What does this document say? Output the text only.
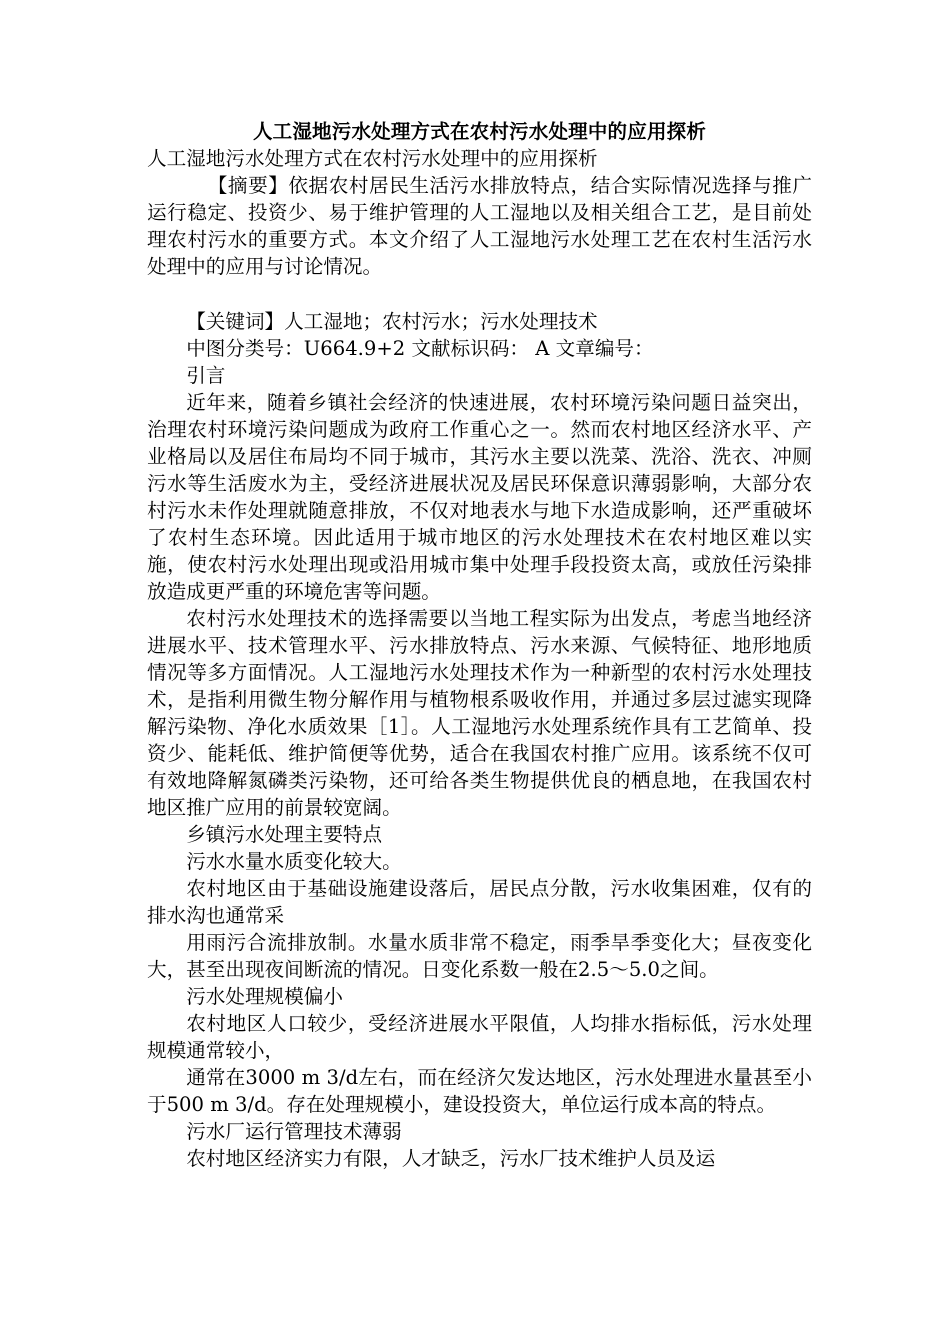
人工湿地污水处理方式在农村污水处理中的应用探析

人工湿地污水处理方式在农村污水处理中的应用探析

【摘要】依据农村居民生活污水排放特点，结合实际情况选择与推广运行稳定、投资少、易于维护管理的人工湿地以及相关组合工艺，是目前处理农村污水的重要方式。本文介绍了人工湿地污水处理工艺在农村生活污水处理中的应用与讨论情况。

【关键词】人工湿地；农村污水；污水处理技术

中图分类号：U664.9+2 文献标识码： A 文章编号：

引言

近年来，随着乡镇社会经济的快速进展，农村环境污染问题日益突出，治理农村环境污染问题成为政府工作重心之一。然而农村地区经济水平、产业格局以及居住布局均不同于城市，其污水主要以洗菜、洗浴、洗衣、冲厕污水等生活废水为主，受经济进展状况及居民环保意识薄弱影响，大部分农村污水未作处理就随意排放，不仅对地表水与地下水造成影响，还严重破坏了农村生态环境。因此适用于城市地区的污水处理技术在农村地区难以实施，使农村污水处理出现或沿用城市集中处理手段投资太高，或放任污染排放造成更严重的环境危害等问题。

农村污水处理技术的选择需要以当地工程实际为出发点，考虑当地经济进展水平、技术管理水平、污水排放特点、污水来源、气候特征、地形地质情况等多方面情况。人工湿地污水处理技术作为一种新型的农村污水处理技术，是指利用微生物分解作用与植物根系吸收作用，并通过多层过滤实现降解污染物、净化水质效果［1］。人工湿地污水处理系统作具有工艺简单、投资少、能耗低、维护简便等优势，适合在我国农村推广应用。该系统不仅可有效地降解氮磷类污染物，还可给各类生物提供优良的栖息地，在我国农村地区推广应用的前景较宽阔。

乡镇污水处理主要特点

污水水量水质变化较大。

农村地区由于基础设施建设落后，居民点分散，污水收集困难，仅有的排水沟也通常采

用雨污合流排放制。水量水质非常不稳定，雨季旱季变化大；昼夜变化大，甚至出现夜间断流的情况。日变化系数一般在2.5～5.0之间。

污水处理规模偏小

农村地区人口较少，受经济进展水平限值，人均排水指标低，污水处理规模通常较小，

通常在3000 m 3/d左右，而在经济欠发达地区，污水处理进水量甚至小于500 m 3/d。存在处理规模小，建设投资大，单位运行成本高的特点。

污水厂运行管理技术薄弱

农村地区经济实力有限，人才缺乏，污水厂技术维护人员及运
